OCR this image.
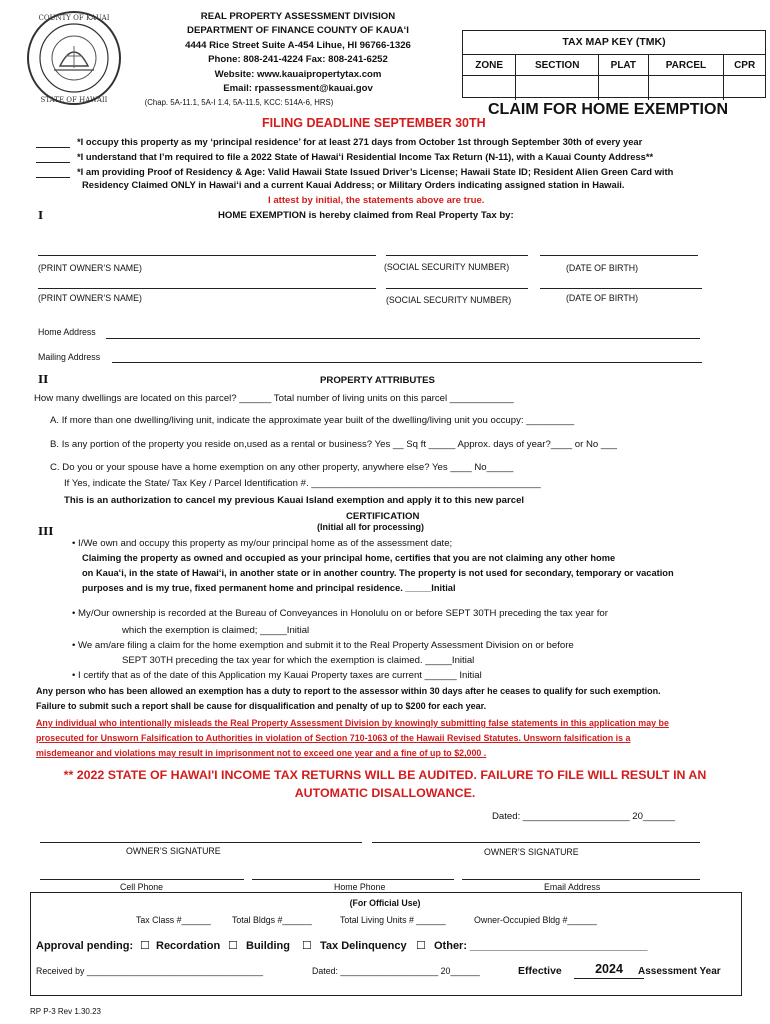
COUNTY OF KAUAI
STATE OF HAWAII
REAL PROPERTY ASSESSMENT DIVISION
DEPARTMENT OF FINANCE COUNTY OF KAUAʻI
4444 Rice Street Suite A-454 Lihue, HI 96766-1326
Phone: 808-241-4224 Fax: 808-241-6252
Website: www.kauaipropertytax.com
Email: rpassessment@kauai.gov
(Chap. 5A-11.1, 5A-I 1.4, 5A-11.5, KCC: 514A-6, HRS)
TAX MAP KEY (TMK)
ZONE	SECTION	PLAT	PARCEL	CPR

CLAIM FOR HOME EXEMPTION
FILING DEADLINE SEPTEMBER 30TH
*I occupy this property as my ‘principal residence’ for at least 271 days from October 1st through September 30th of every year
*I understand that I’m required to file a 2022 State of Hawaiʻi Residential Income Tax Return (N-11), with a Kauai County Address**
*I am providing Proof of Residency & Age: Valid Hawaii State Issued Driver’s License; Hawaii State ID; Resident Alien Green Card with
Residency Claimed ONLY in Hawaiʻi and a current Kauai Address; or Military Orders indicating assigned station in Hawaii.
I attest by initial, the statements above are true.
I	HOME EXEMPTION is hereby claimed from Real Property Tax by:
(PRINT OWNER’S NAME)	(SOCIAL SECURITY NUMBER)	(DATE OF BIRTH)
(PRINT OWNER’S NAME)	(SOCIAL SECURITY NUMBER)	(DATE OF BIRTH)
Home Address
Mailing Address
II	PROPERTY ATTRIBUTES
How many dwellings are located on this parcel? ______ Total number of living units on this parcel ____________
A. If more than one dwelling/living unit, indicate the approximate year built of the dwelling/living unit you occupy: _________
B. Is any portion of the property you reside on,used as a rental or business? Yes __ Sq ft _____ Approx. days of year?____ or No ___
C. Do you or your spouse have a home exemption on any other property, anywhere else? Yes ____ No_____
If Yes, indicate the State/ Tax Key / Parcel Identification #. ___________________________________________
This is an authorization to cancel my previous Kauai Island exemption and apply it to this new parcel
CERTIFICATION
(Initial all for processing)
III
• I/We own and occupy this property as my/our principal home as of the assessment date;
Claiming the property as owned and occupied as your principal home, certifies that you are not claiming any other home
on Kauaʻi, in the state of Hawaiʻi, in another state or in another country. The property is not used for secondary, temporary or vacation
purposes and is my true, fixed permanent home and principal residence. _____Initial
• My/Our ownership is recorded at the Bureau of Conveyances in Honolulu on or before SEPT 30TH preceding the tax year for
which the exemption is claimed; _____Initial
• We am/are filing a claim for the home exemption and submit it to the Real Property Assessment Division on or before
SEPT 30TH preceding the tax year for which the exemption is claimed. _____Initial
• I certify that as of the date of this Application my Kauai Property taxes are current ______ Initial
Any person who has been allowed an exemption has a duty to report to the assessor within 30 days after he ceases to qualify for such exemption.
Failure to submit such a report shall be cause for disqualification and penalty of up to $200 for each year.
Any individual who intentionally misleads the Real Property Assessment Division by knowingly submitting false statements in this application may be
prosecuted for Unsworn Falsification to Authorities in violation of Section 710-1063 of the Hawaii Revised Statutes. Unsworn falsification is a
misdemeanor and violations may result in imprisonment not to exceed one year and a fine of up to $2,000 .
** 2022 STATE OF HAWAI'I INCOME TAX RETURNS WILL BE AUDITED. FAILURE TO FILE WILL RESULT IN AN
AUTOMATIC DISALLOWANCE.
Dated: ____________________ 20______
OWNER’S SIGNATURE	OWNER’S SIGNATURE
Cell Phone	Home Phone	Email Address
(For Official Use)
Tax Class #______ Total Bldgs #______	Total Living Units # ______	Owner-Occupied Bldg #______
Approval pending: ☐ Recordation ☐ Building ☐ Tax Delinquency ☐ Other: _____________________________
Received by ____________________________________	Dated: ____________________ 20______	Effective	2024	Assessment Year
RP P-3 Rev 1.30.23
